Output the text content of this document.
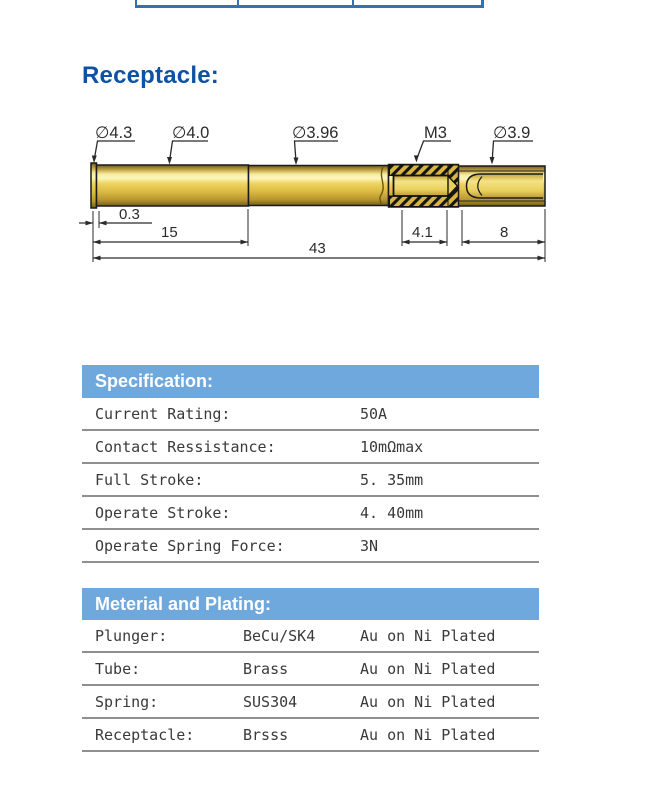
Receptacle:
∅4.3 ∅4.0	∅3.96	M3	∅3.9
0.3
15	4.1	8
43
Specification:
Current Rating:	50A
Contact Ressistance:	10mΩmax
Full Stroke:	5. 35mm
Operate Stroke:	4. 40mm
Operate Spring Force:	3N
Meterial and Plating:
Plunger:	BeCu/SK4	Au on Ni Plated
Tube:	Brass	Au on Ni Plated
Spring:	SUS304	Au on Ni Plated
Receptacle:	Brsss	Au on Ni Plated
